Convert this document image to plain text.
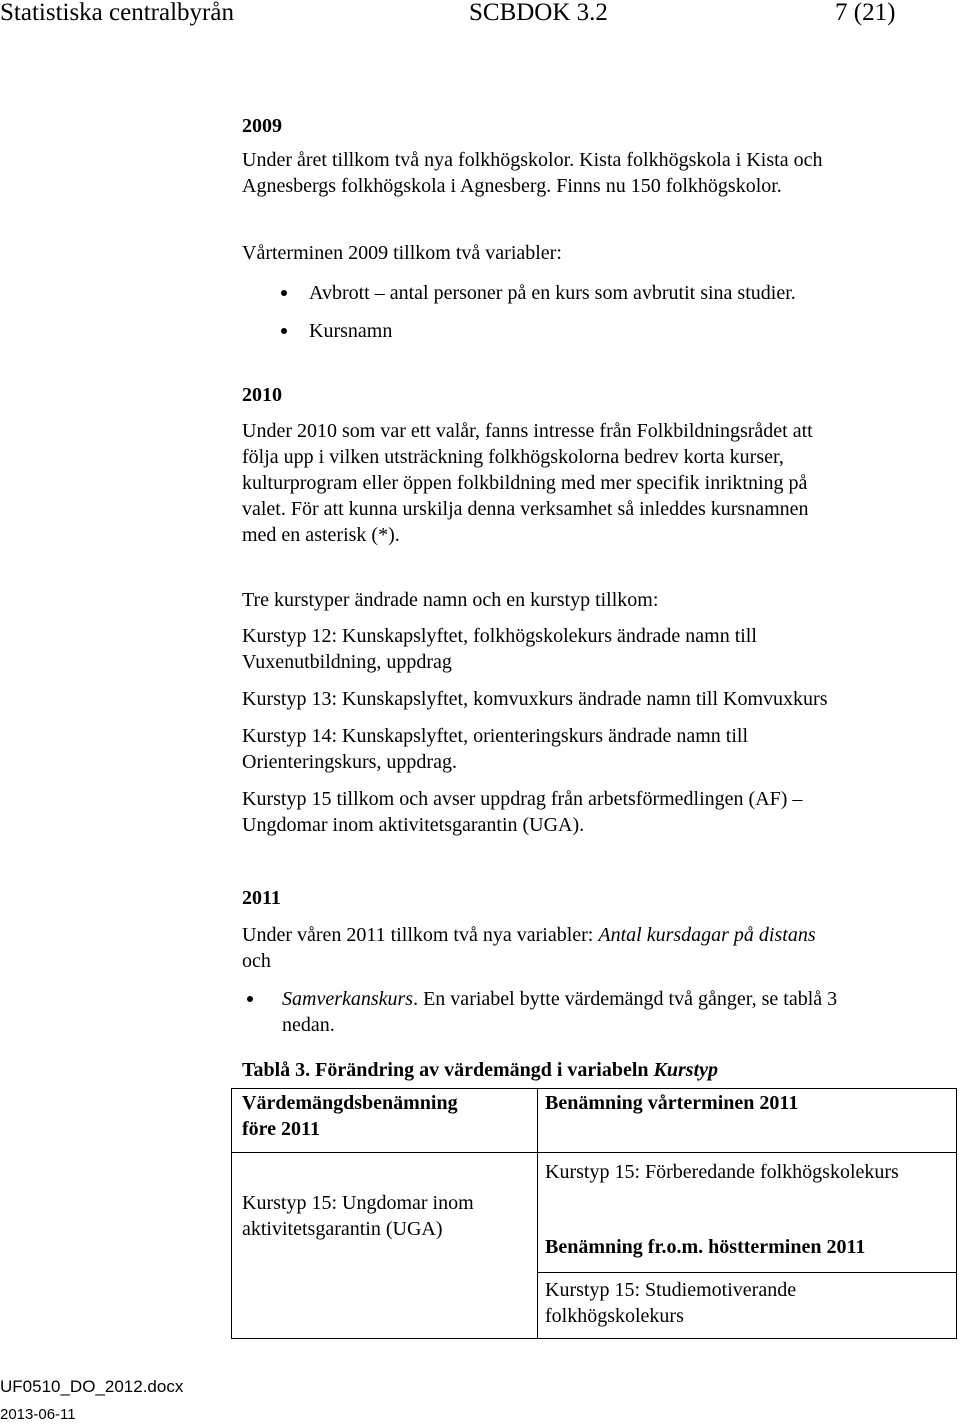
Statistiska centralbyrån	SCBDOK 3.2	7 (21)
2009
Under året tillkom två nya folkhögskolor. Kista folkhögskola i Kista och
Agnesbergs folkhögskola i Agnesberg. Finns nu 150 folkhögskolor.
Vårterminen 2009 tillkom två variabler:
Avbrott – antal personer på en kurs som avbrutit sina studier.
Kursnamn
2010
Under 2010 som var ett valår, fanns intresse från Folkbildningsrådet att
följa upp i vilken utsträckning folkhögskolorna bedrev korta kurser,
kulturprogram eller öppen folkbildning med mer specifik inriktning på
valet. För att kunna urskilja denna verksamhet så inleddes kursnamnen
med en asterisk (*).
Tre kurstyper ändrade namn och en kurstyp tillkom:
Kurstyp 12: Kunskapslyftet, folkhögskolekurs ändrade namn till
Vuxenutbildning, uppdrag
Kurstyp 13: Kunskapslyftet, komvuxkurs ändrade namn till Komvuxkurs
Kurstyp 14: Kunskapslyftet, orienteringskurs ändrade namn till
Orienteringskurs, uppdrag.
Kurstyp 15 tillkom och avser uppdrag från arbetsförmedlingen (AF) –
Ungdomar inom aktivitetsgarantin (UGA).
2011
Under våren 2011 tillkom två nya variabler: Antal kursdagar på distans
och
Samverkanskurs. En variabel bytte värdemängd två gånger, se tablå 3
nedan.
Tablå 3. Förändring av värdemängd i variabeln Kurstyp
Värdemängdsbenämning
före 2011
Benämning vårterminen 2011
Kurstyp 15: Ungdomar inom
aktivitetsgarantin (UGA)
Kurstyp 15: Förberedande folkhögskolekurs
Benämning fr.o.m. höstterminen 2011
Kurstyp 15: Studiemotiverande
folkhögskolekurs
UF0510_DO_2012.docx
2013-06-11
